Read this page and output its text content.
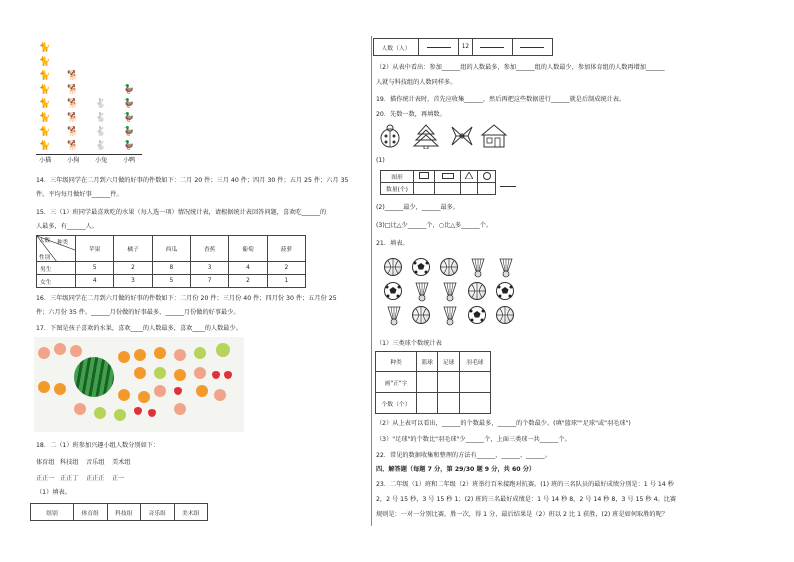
🐈
🐈
🐈
🐈
🐈
🐈
🐈
🐈
🐕
🐕
🐕
🐕
🐕
🐕
🐇
🐇
🐇
🐇
🦆
🦆
🦆
🦆
🦆
小猫	小狗	小兔	小鸭
14．三年级同学在二月到六月做的好事的件数如下：二月 20 件；三月 40 件；四月 30 件；五月 25 件；六月 35
件。平均每月做好事______件。
15．三（1）班同学最喜欢吃的水果（每人选一项）情况统计表，请根据统计表回答问题，喜欢吃______的
人最多，有______人。
人数 种类
性别	苹果	橘子	西瓜	香蕉	葡萄	菠萝
男生	5	2	8	3	4	2
女生	4	3	5	7	2	1
16．三年级同学在二月到六月做的好事的件数如下：二月份 20 件；三月份 40 件；四月份 30 件；五月份 25
件；六月份 35 件。______月份做的好事最多，______月份做的好事最少。
17．下图是孩子喜欢的水果，喜欢____的人数最多，喜欢____的人数最少。
18．二（1）班参加兴趣小组人数分别如下：
体育组 科技组 音乐组 美术组
正正一 正正丁 正正正 正一
（1）填表。
组别	体育组	科技组	音乐组	美术组
人数（人）		12		
（2）从表中看出：参加______组的人数最多，参加______组的人数最少，参加体育组的人数再增加______
人就与科技组的人数同样多。
19．描作统计表时，首先应收集______，然后再把这些数据进行______就是后制成统计表。
20．先数一数，再填数。
(1)
图形				
数量(个)				
(2)______最少，______最多。
(3)□比△少______个，○比△多______个。
21．填表。
（1）三类球个数统计表
种类	篮球	足球	羽毛球
画"正"字			
个数（个）			
（2）从上表可以看出，______的个数最多，______的个数最少。(填"篮球""足球"或"羽毛球")
（3）"足球"的个数比"羽毛球"少______个，上面三类球一共______个。
22．常见的数据收集和整理的方法有______、______、______。
四、解答题（每题 7 分，第 29/30 题 9 分，共 60 分）
23．二年级（1）班和二年级（2）班举行百米接跑对抗赛。(1) 班的三名队员的最好成绩分别是：1 号 14 秒
2，2 号 15 秒，3 号 15 秒 1；(2) 班的三名最好成绩是：1 号 14 秒 8，2 号 14 秒 8，3 号 15 秒 4。比赛
规则是：一对一分别比赛，胜一次，得 1 分，最后结果是（2）班以 2 比 1 获胜，(2) 班是如何取胜的呢？
